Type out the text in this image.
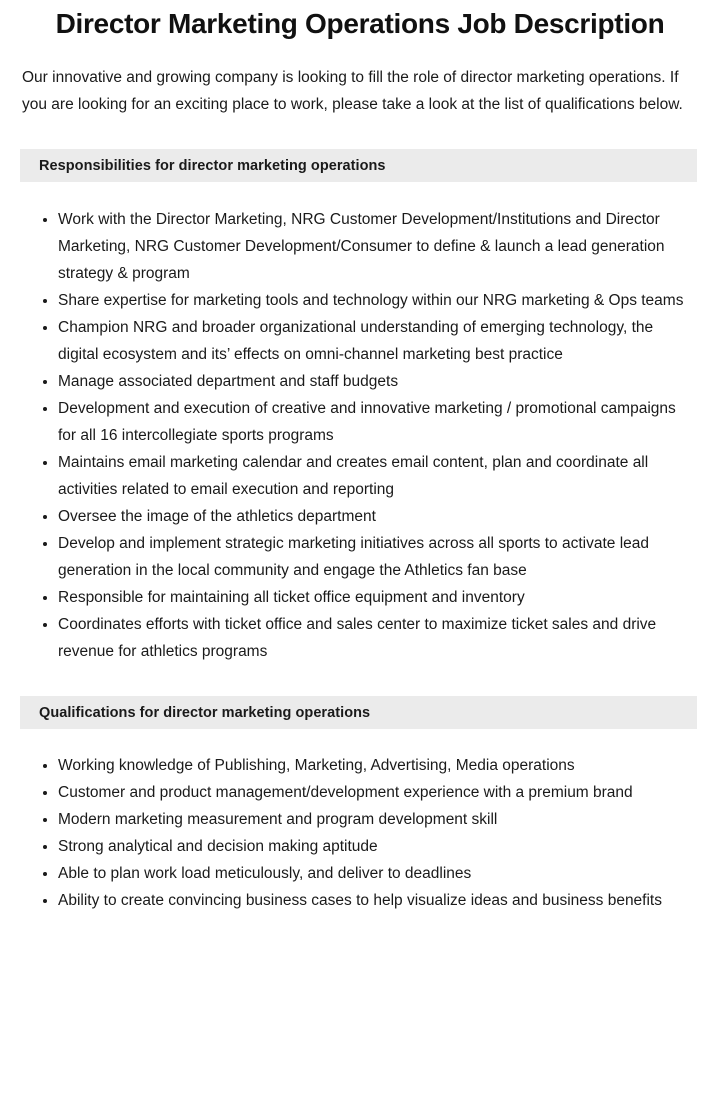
Director Marketing Operations Job Description

Our innovative and growing company is looking to fill the role of director marketing operations. If you are looking for an exciting place to work, please take a look at the list of qualifications below.

Responsibilities for director marketing operations
Work with the Director Marketing, NRG Customer Development/Institutions and Director Marketing, NRG Customer Development/Consumer to define & launch a lead generation strategy & program
Share expertise for marketing tools and technology within our NRG marketing & Ops teams
Champion NRG and broader organizational understanding of emerging technology, the digital ecosystem and its’ effects on omni-channel marketing best practice
Manage associated department and staff budgets
Development and execution of creative and innovative marketing / promotional campaigns for all 16 intercollegiate sports programs
Maintains email marketing calendar and creates email content, plan and coordinate all activities related to email execution and reporting
Oversee the image of the athletics department
Develop and implement strategic marketing initiatives across all sports to activate lead generation in the local community and engage the Athletics fan base
Responsible for maintaining all ticket office equipment and inventory
Coordinates efforts with ticket office and sales center to maximize ticket sales and drive revenue for athletics programs
Qualifications for director marketing operations
Working knowledge of Publishing, Marketing, Advertising, Media operations
Customer and product management/development experience with a premium brand
Modern marketing measurement and program development skill
Strong analytical and decision making aptitude
Able to plan work load meticulously, and deliver to deadlines
Ability to create convincing business cases to help visualize ideas and business benefits
